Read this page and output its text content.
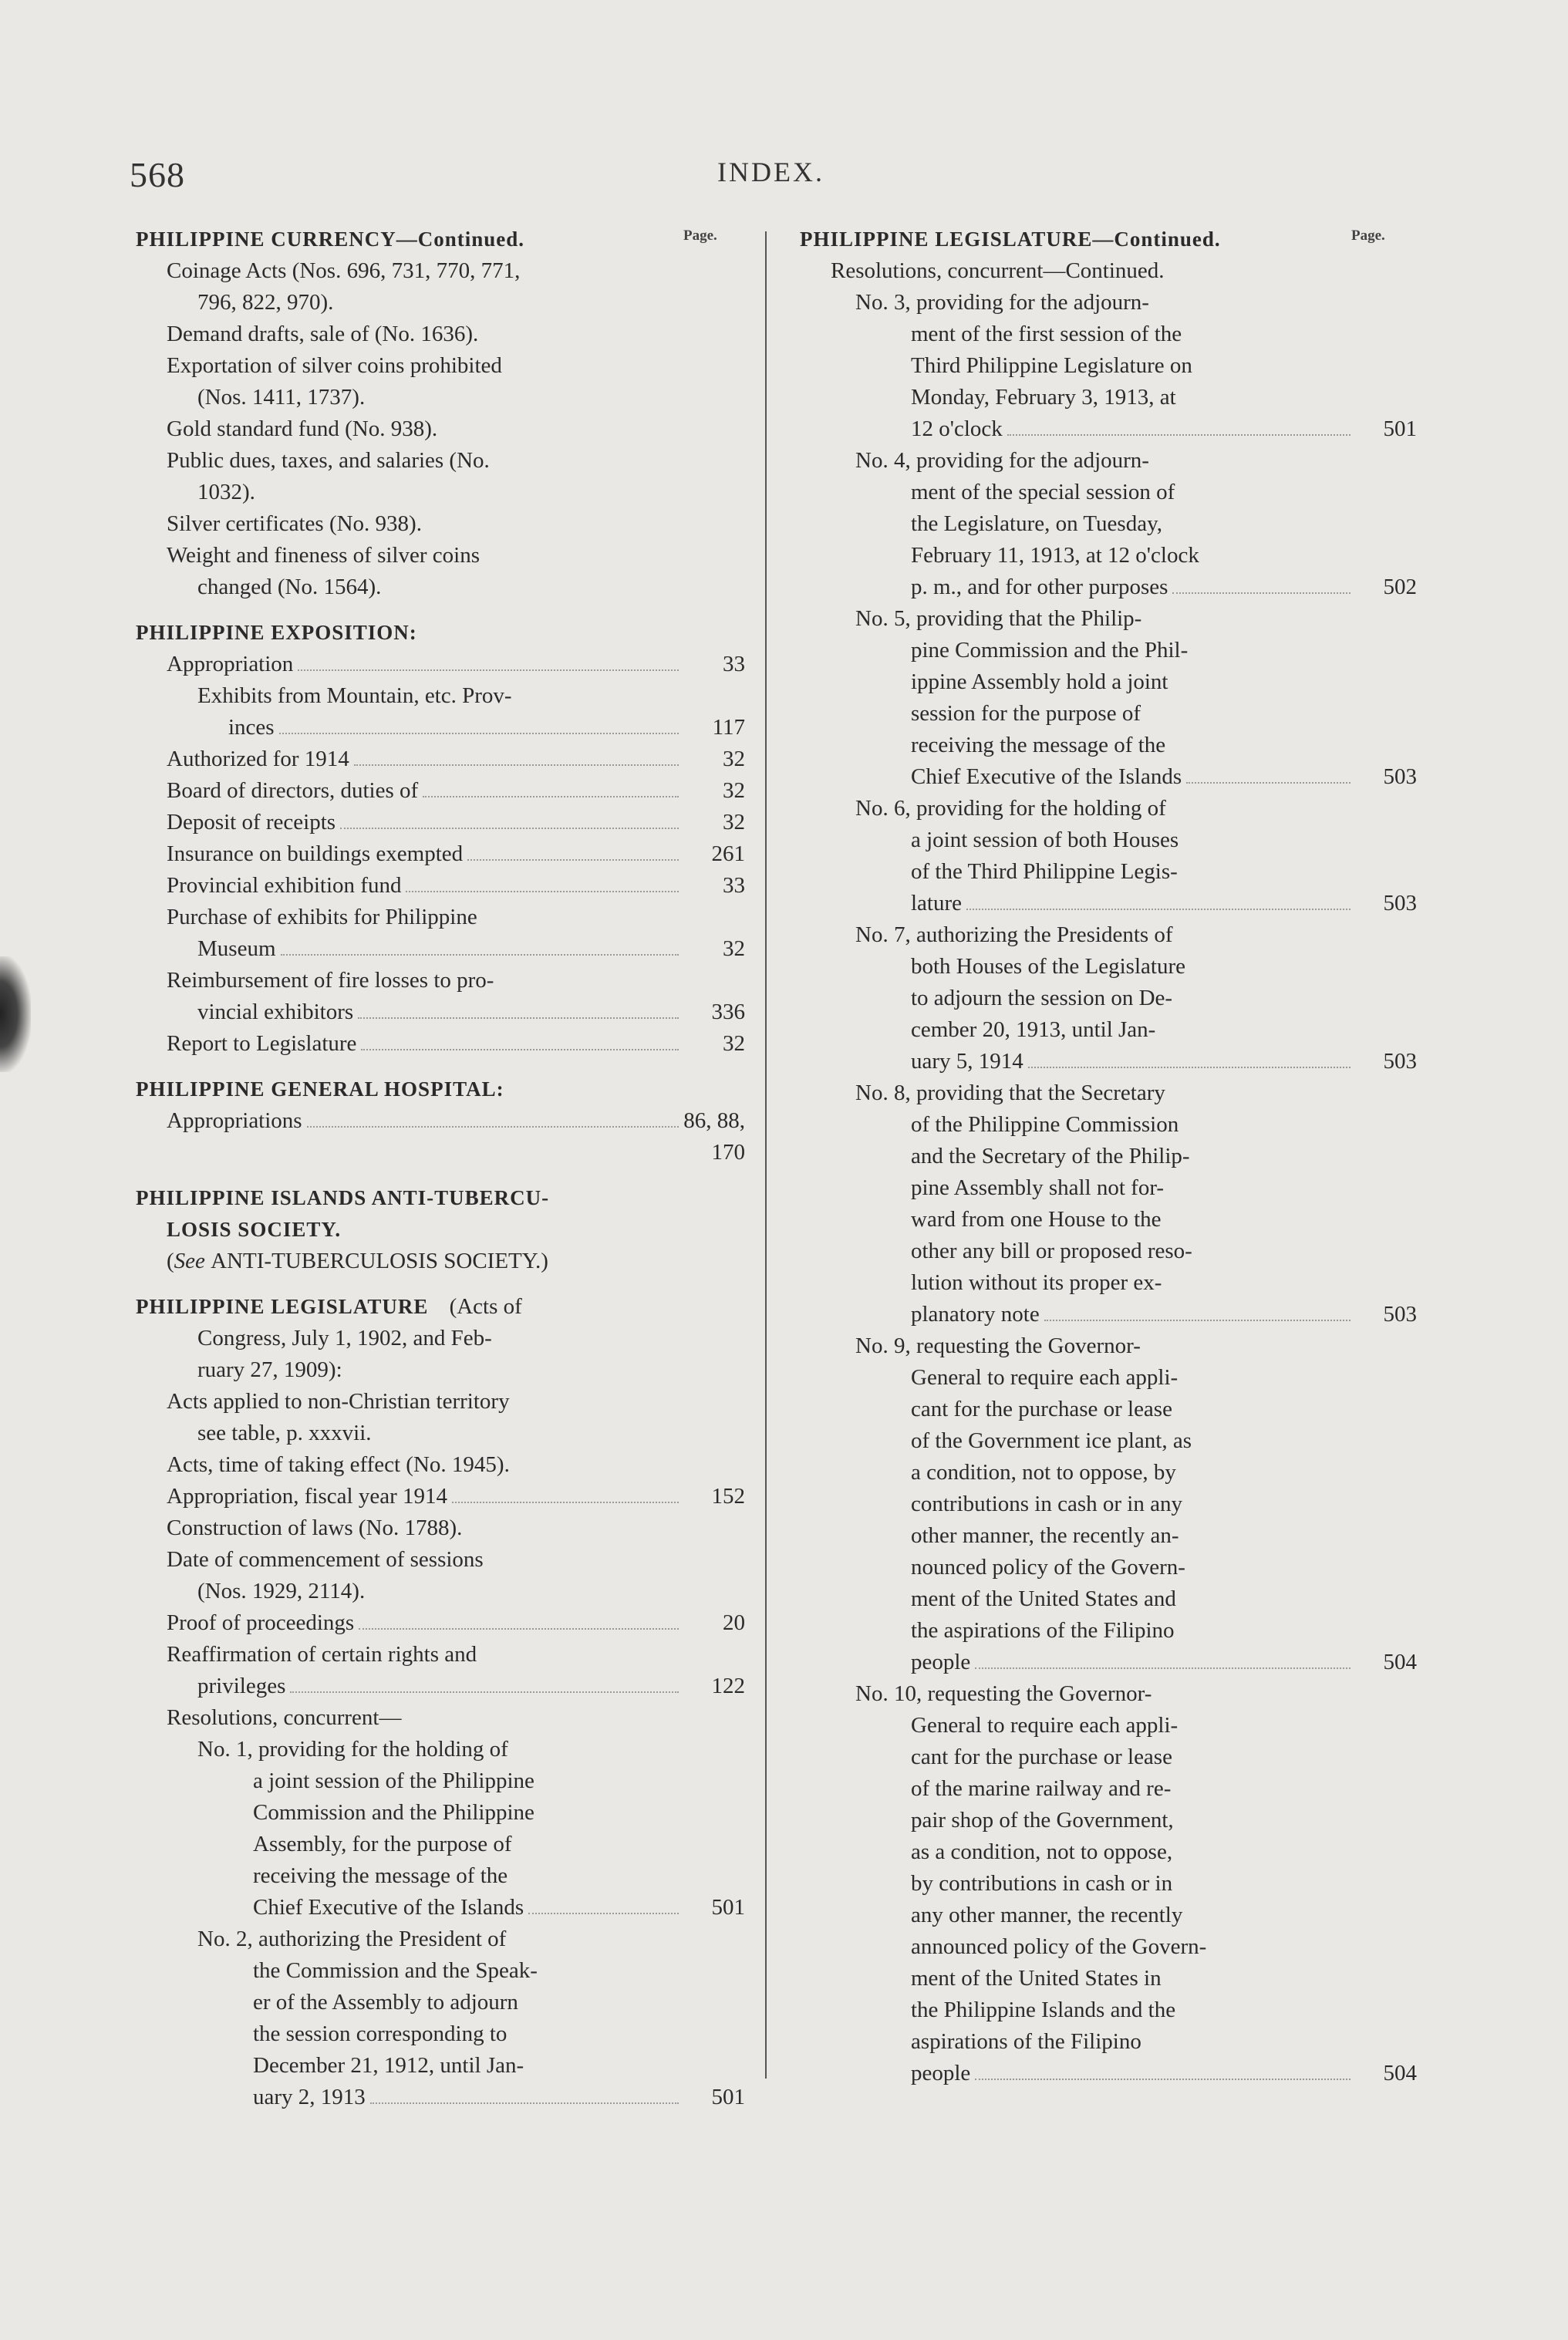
568	INDEX.
Page.
PHILIPPINE CURRENCY—Continued.
Coinage Acts (Nos. 696, 731, 770, 771,
796, 822, 970).
Demand drafts, sale of (No. 1636).
Exportation of silver coins prohibited
(Nos. 1411, 1737).
Gold standard fund (No. 938).
Public dues, taxes, and salaries (No.
1032).
Silver certificates (No. 938).
Weight and fineness of silver coins
changed (No. 1564).
PHILIPPINE EXPOSITION:
Appropriation	33
Exhibits from Mountain, etc. Prov-
inces	117
Authorized for 1914	32
Board of directors, duties of	32
Deposit of receipts	32
Insurance on buildings exempted	261
Provincial exhibition fund	33
Purchase of exhibits for Philippine
Museum	32
Reimbursement of fire losses to pro-
vincial exhibitors	336
Report to Legislature	32
PHILIPPINE GENERAL HOSPITAL:
Appropriations	86, 88, 170
PHILIPPINE ISLANDS ANTI-TUBERCU-
LOSIS SOCIETY.
(See ANTI-TUBERCULOSIS SOCIETY.)
PHILIPPINE LEGISLATURE (Acts of
Congress, July 1, 1902, and Feb-
ruary 27, 1909):
Acts applied to non-Christian territory
see table, p. xxxvii.
Acts, time of taking effect (No. 1945).
Appropriation, fiscal year 1914	152
Construction of laws (No. 1788).
Date of commencement of sessions
(Nos. 1929, 2114).
Proof of proceedings	20
Reaffirmation of certain rights and
privileges	122
Resolutions, concurrent—
No. 1, providing for the holding of
a joint session of the Philippine
Commission and the Philippine
Assembly, for the purpose of
receiving the message of the
Chief Executive of the Islands	501
No. 2, authorizing the President of
the Commission and the Speak-
er of the Assembly to adjourn
the session corresponding to
December 21, 1912, until Jan-
uary 2, 1913	501
Page.
PHILIPPINE LEGISLATURE—Continued.
Resolutions, concurrent—Continued.
No. 3, providing for the adjourn-
ment of the first session of the
Third Philippine Legislature on
Monday, February 3, 1913, at
12 o'clock	501
No. 4, providing for the adjourn-
ment of the special session of
the Legislature, on Tuesday,
February 11, 1913, at 12 o'clock
p. m., and for other purposes	502
No. 5, providing that the Philip-
pine Commission and the Phil-
ippine Assembly hold a joint
session for the purpose of
receiving the message of the
Chief Executive of the Islands	503
No. 6, providing for the holding of
a joint session of both Houses
of the Third Philippine Legis-
lature	503
No. 7, authorizing the Presidents of
both Houses of the Legislature
to adjourn the session on De-
cember 20, 1913, until Jan-
uary 5, 1914	503
No. 8, providing that the Secretary
of the Philippine Commission
and the Secretary of the Philip-
pine Assembly shall not for-
ward from one House to the
other any bill or proposed reso-
lution without its proper ex-
planatory note	503
No. 9, requesting the Governor-
General to require each appli-
cant for the purchase or lease
of the Government ice plant, as
a condition, not to oppose, by
contributions in cash or in any
other manner, the recently an-
nounced policy of the Govern-
ment of the United States and
the aspirations of the Filipino
people	504
No. 10, requesting the Governor-
General to require each appli-
cant for the purchase or lease
of the marine railway and re-
pair shop of the Government,
as a condition, not to oppose,
by contributions in cash or in
any other manner, the recently
announced policy of the Govern-
ment of the United States in
the Philippine Islands and the
aspirations of the Filipino
people	504
